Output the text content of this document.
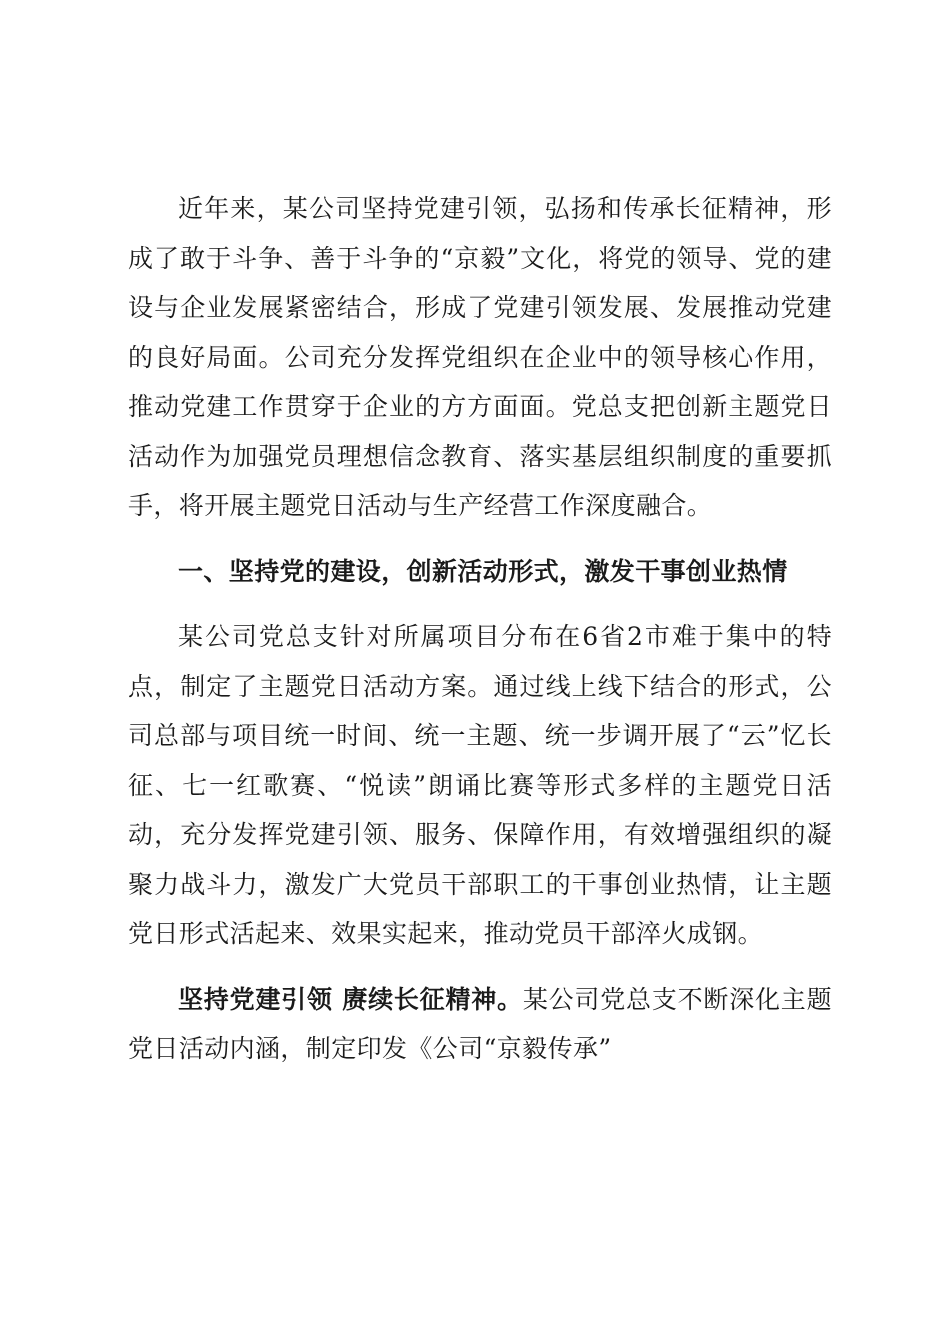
近年来，某公司坚持党建引领，弘扬和传承长征精神，形成了敢于斗争、善于斗争的“京毅”文化，将党的领导、党的建设与企业发展紧密结合，形成了党建引领发展、发展推动党建的良好局面。公司充分发挥党组织在企业中的领导核心作用，推动党建工作贯穿于企业的方方面面。党总支把创新主题党日活动作为加强党员理想信念教育、落实基层组织制度的重要抓手，将开展主题党日活动与生产经营工作深度融合。

一、坚持党的建设，创新活动形式，激发干事创业热情

某公司党总支针对所属项目分布在6省2市难于集中的特点，制定了主题党日活动方案。通过线上线下结合的形式，公司总部与项目统一时间、统一主题、统一步调开展了“云”忆长征、七一红歌赛、“悦读”朗诵比赛等形式多样的主题党日活动，充分发挥党建引领、服务、保障作用，有效增强组织的凝聚力战斗力，激发广大党员干部职工的干事创业热情，让主题党日形式活起来、效果实起来，推动党员干部淬火成钢。

坚持党建引领 赓续长征精神。某公司党总支不断深化主题党日活动内涵，制定印发《公司“京毅传承”
